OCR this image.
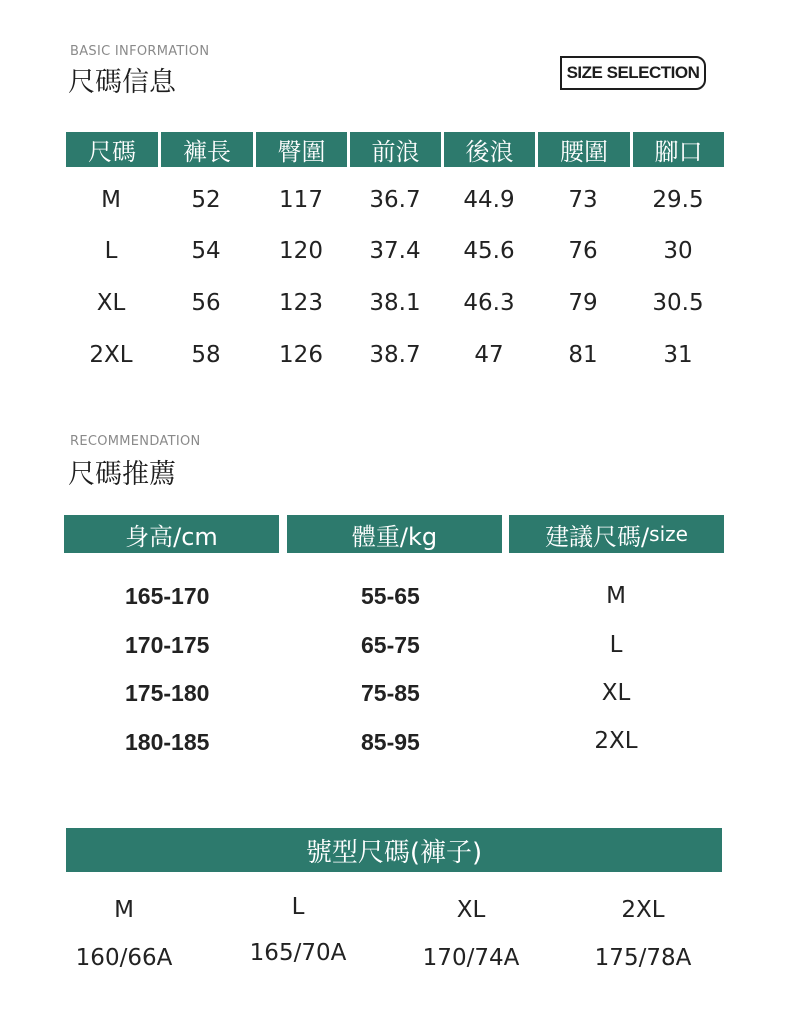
BASIC INFORMATION
尺碼信息	SIZE SELECTION
尺碼	褲長	臀圍	前浪	後浪	腰圍	腳口
M	52	117	36.7	44.9	73	29.5
L	54	120	37.4	45.6	76	30
XL	56	123	38.1	46.3	79	30.5
2XL	58	126	38.7	47	81	31
RECOMMENDATION
尺碼推薦
身高/cm	體重/kg	建議尺碼/ size
165-170	55-65	M
170-175	65-75	L
175-180	75-85	XL
180-185	85-95	2XL
號型尺碼(褲子)
M	L	XL	2XL
160/66A	165/70A	170/74A	175/78A
